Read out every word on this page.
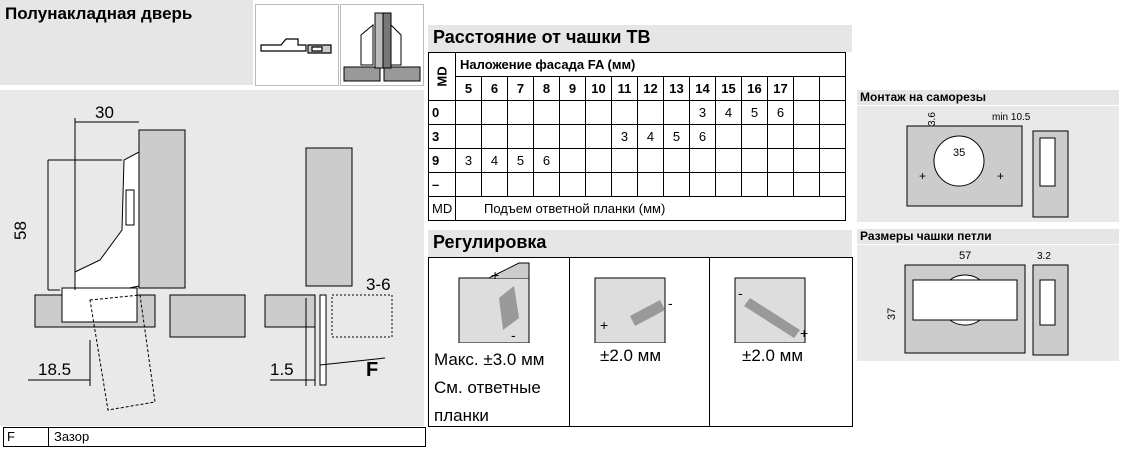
Полунакладная дверь
30
58
18.5	1.5
3-6
F
F	Зазор
Расстояние от чашки TB
MD	Наложение фасада FA (мм)														
	5	6	7	8	9	10	11	12	13	14	15	16	17		
0										3	4	5	6		
3							3	4	5	6					
9	3	4	5	6											
–															
MD	Подъем ответной планки (мм)														
Регулировка
+
-
Макс. ±3.0 мм
См. ответные
планки
+
-
±2.0 мм
-
+
±2.0 мм
Монтаж на саморезы
+	+
35
3.6	min 10.5
Размеры чашки петли
57
37
3.2
